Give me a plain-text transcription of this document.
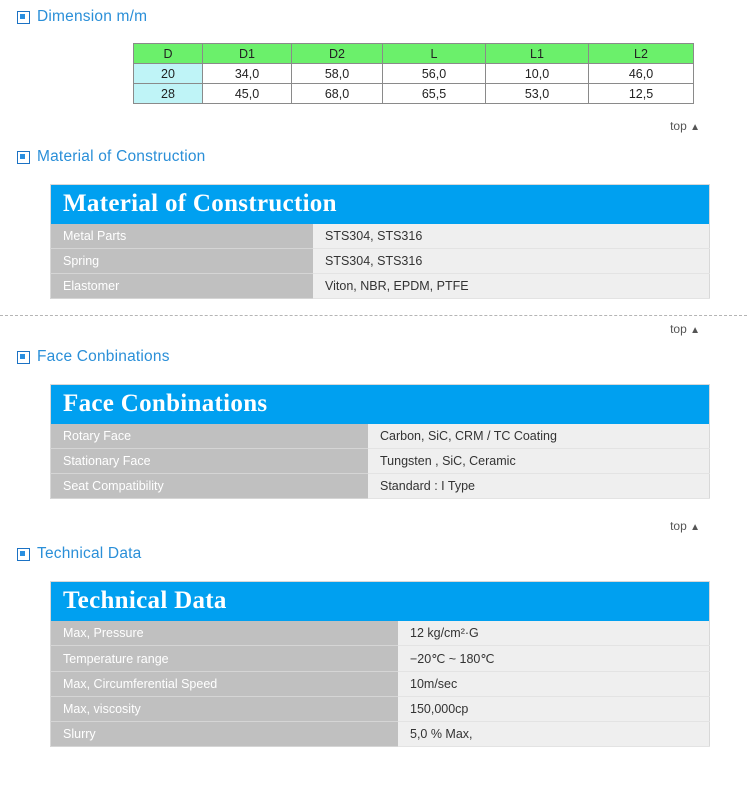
Dimension m/m
D	D1	D2	L	L1	L2
20	34,0	58,0	56,0	10,0	46,0
28	45,0	68,0	65,5	53,0	12,5
top ▲
Material of Construction
Material of Construction	
Metal Parts	STS304, STS316
Spring	STS304, STS316
Elastomer	Viton, NBR, EPDM, PTFE
top ▲
Face Conbinations
Face Conbinations	
Rotary Face	Carbon, SiC, CRM / TC Coating
Stationary Face	Tungsten , SiC, Ceramic
Seat Compatibility	Standard : I Type
top ▲
Technical Data
Technical Data	
Max, Pressure	12 kg/cm²·G
Temperature range	−20℃ ~ 180℃
Max, Circumferential Speed	10m/sec
Max, viscosity	150,000cp
Slurry	5,0 % Max,
